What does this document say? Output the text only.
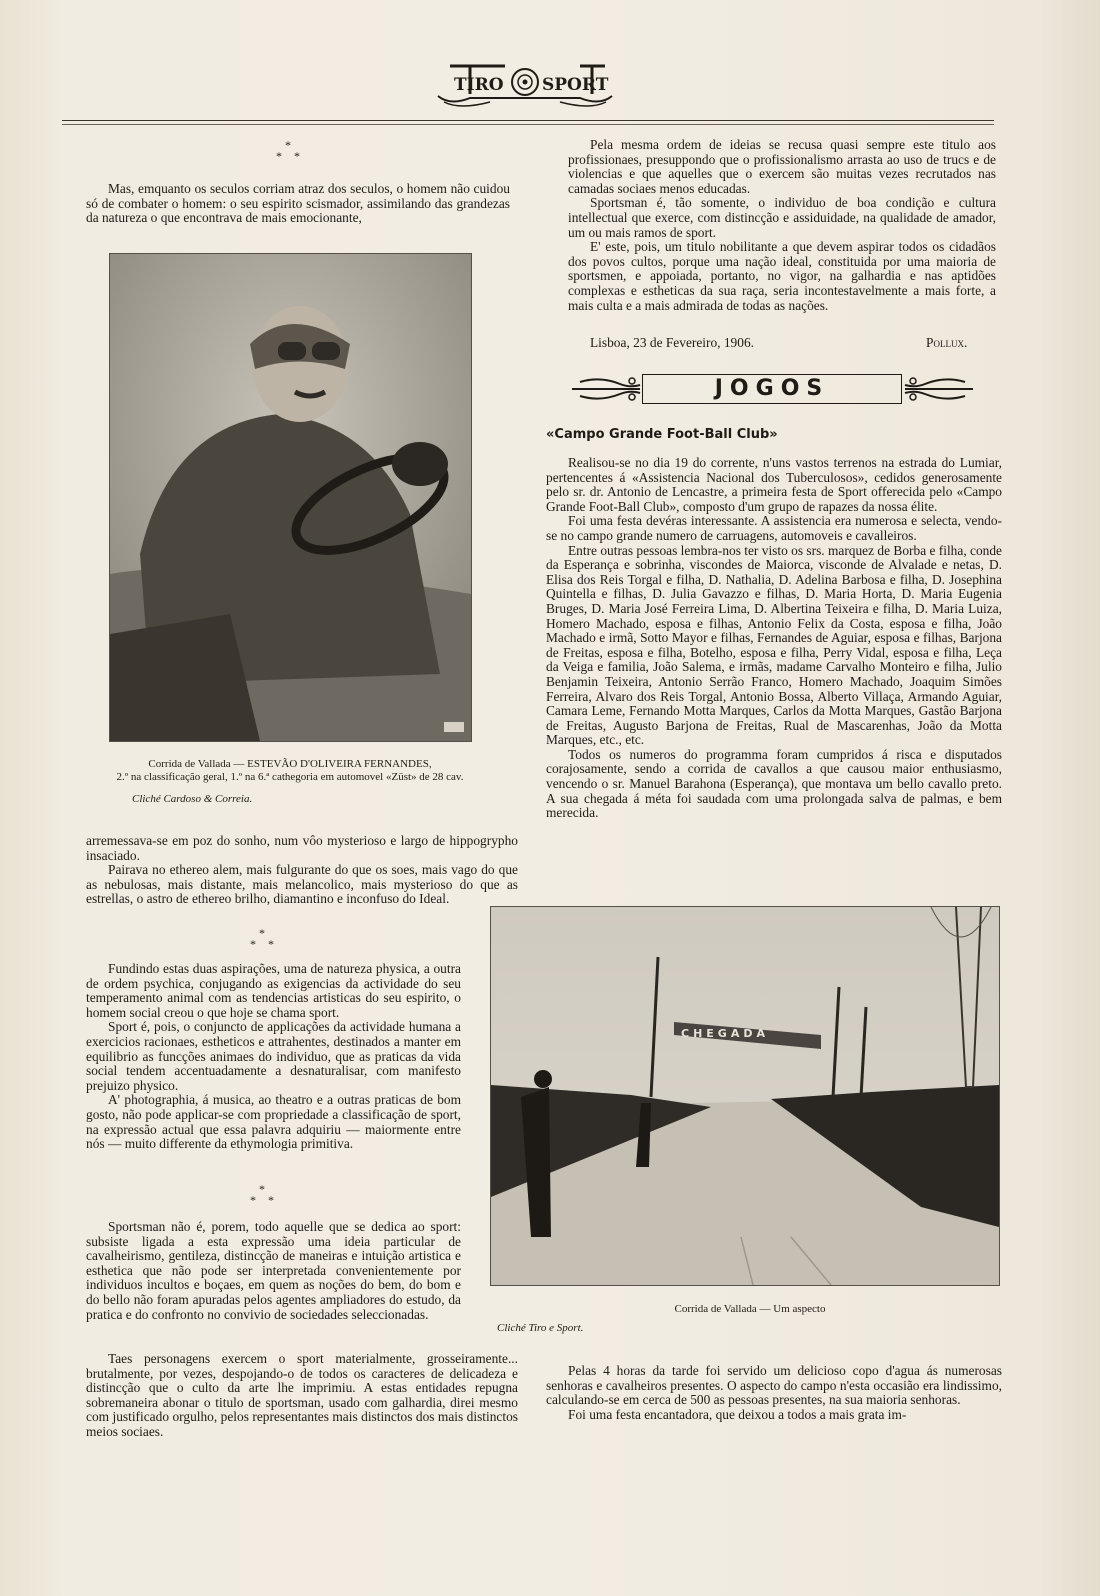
TIRO SPORT
*
* *

Mas, emquanto os seculos corriam atraz dos seculos, o homem não cuidou só de combater o homem: o seu espirito scismador, assimilando das grandezas da natureza o que encontrava de mais emocionante,

Corrida de Vallada — ESTEVÃO D'OLIVEIRA FERNANDES,
2.º na classificação geral, 1.º na 6.ª cathegoria em automovel «Züst» de 28 cav.
Cliché Cardoso & Correia.

arremessava-se em poz do sonho, num vôo mysterioso e largo de hippogrypho insaciado.

Pairava no ethereo alem, mais fulgurante do que os soes, mais vago do que as nebulosas, mais distante, mais melancolico, mais mysterioso do que as estrellas, o astro de ethereo brilho, diamantino e inconfuso do Ideal.

*
* *

Fundindo estas duas aspirações, uma de natureza physica, a outra de ordem psychica, conjugando as exigencias da actividade do seu temperamento animal com as tendencias artisticas do seu espirito, o homem social creou o que hoje se chama sport.

Sport é, pois, o conjuncto de applicações da actividade humana a exercicios racionaes, estheticos e attrahentes, destinados a manter em equilibrio as funcções animaes do individuo, que as praticas da vida social tendem accentuadamente a desnaturalisar, com manifesto prejuizo physico.

A' photographia, á musica, ao theatro e a outras praticas de bom gosto, não pode applicar-se com propriedade a classificação de sport, na expressão actual que essa palavra adquiriu — maiormente entre nós — muito differente da ethymologia primitiva.

*
* *

Sportsman não é, porem, todo aquelle que se dedica ao sport: subsiste ligada a esta expressão uma ideia particular de cavalheirismo, gentileza, distincção de maneiras e intuição artistica e esthetica que não pode ser interpretada convenientemente por individuos incultos e boçaes, em quem as noções do bem, do bom e do bello não foram apuradas pelos agentes ampliadores do estudo, da pratica e do confronto no convivio de sociedades seleccionadas.

Taes personagens exercem o sport materialmente, grosseiramente... brutalmente, por vezes, despojando-o de todos os caracteres de delicadeza e distincção que o culto da arte lhe imprimiu. A estas entidades repugna sobremaneira abonar o titulo de sportsman, usado com galhardia, direi mesmo com justificado orgulho, pelos representantes mais distinctos dos mais distinctos meios sociaes.

Pela mesma ordem de ideias se recusa quasi sempre este titulo aos profissionaes, presuppondo que o profissionalismo arrasta ao uso de trucs e de violencias e que aquelles que o exercem são muitas vezes recrutados nas camadas sociaes menos educadas.

Sportsman é, tão somente, o individuo de boa condição e cultura intellectual que exerce, com distincção e assiduidade, na qualidade de amador, um ou mais ramos de sport.

E' este, pois, um titulo nobilitante a que devem aspirar todos os cidadãos dos povos cultos, porque uma nação ideal, constituida por uma maioria de sportsmen, e appoiada, portanto, no vigor, na galhardia e nas aptidões complexas e estheticas da sua raça, seria incontestavelmente a mais forte, a mais culta e a mais admirada de todas as nações.

Lisboa, 23 de Fevereiro, 1906.	Pollux.
JOGOS
«Campo Grande Foot-Ball Club»

Realisou-se no dia 19 do corrente, n'uns vastos terrenos na estrada do Lumiar, pertencentes á «Assistencia Nacional dos Tuberculosos», cedidos generosamente pelo sr. dr. Antonio de Lencastre, a primeira festa de Sport offerecida pelo «Campo Grande Foot-Ball Club», composto d'um grupo de rapazes da nossa élite.

Foi uma festa devéras interessante. A assistencia era numerosa e selecta, vendo-se no campo grande numero de carruagens, automoveis e cavalleiros.

Entre outras pessoas lembra-nos ter visto os srs. marquez de Borba e filha, conde da Esperança e sobrinha, viscondes de Maiorca, visconde de Alvalade e netas, D. Elisa dos Reis Torgal e filha, D. Nathalia, D. Adelina Barbosa e filha, D. Josephina Quintella e filhas, D. Julia Gavazzo e filhas, D. Maria Horta, D. Maria Eugenia Bruges, D. Maria José Ferreira Lima, D. Albertina Teixeira e filha, D. Maria Luiza, Homero Machado, esposa e filhas, Antonio Felix da Costa, esposa e filha, João Machado e irmã, Sotto Mayor e filhas, Fernandes de Aguiar, esposa e filhas, Barjona de Freitas, esposa e filha, Botelho, esposa e filha, Perry Vidal, esposa e filha, Leça da Veiga e familia, João Salema, e irmãs, madame Carvalho Monteiro e filha, Julio Benjamin Teixeira, Antonio Serrão Franco, Homero Machado, Joaquim Simões Ferreira, Alvaro dos Reis Torgal, Antonio Bossa, Alberto Villaça, Armando Aguiar, Camara Leme, Fernando Motta Marques, Carlos da Motta Marques, Gastão Barjona de Freitas, Augusto Barjona de Freitas, Rual de Mascarenhas, João da Motta Marques, etc., etc.

Todos os numeros do programma foram cumpridos á risca e disputados corajosamente, sendo a corrida de cavallos a que causou maior enthusiasmo, vencendo o sr. Manuel Barahona (Esperança), que montava um bello cavallo preto. A sua chegada á méta foi saudada com uma prolongada salva de palmas, e bem merecida.

CHEGADA
Corrida de Vallada — Um aspecto
Cliché Tiro e Sport.

Pelas 4 horas da tarde foi servido um delicioso copo d'agua ás numerosas senhoras e cavalheiros presentes. O aspecto do campo n'esta occasião era lindissimo, calculando-se em cerca de 500 as pessoas presentes, na sua maioria senhoras.

Foi uma festa encantadora, que deixou a todos a mais grata im-
